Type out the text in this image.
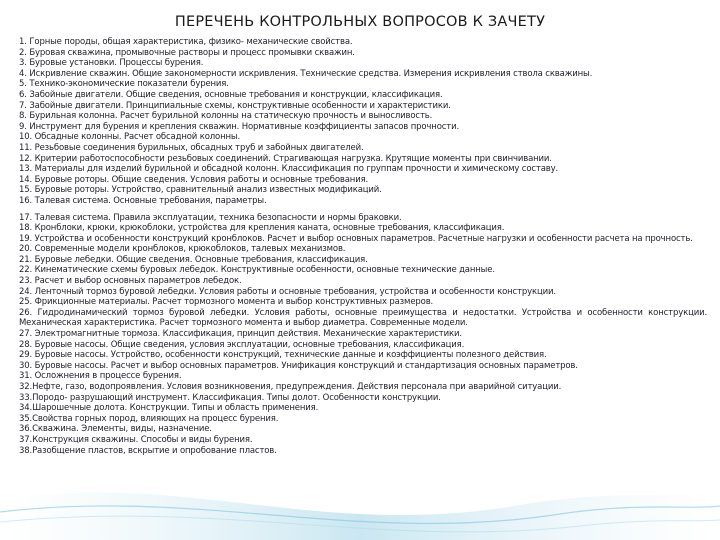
ПЕРЕЧЕНЬ КОНТРОЛЬНЫХ ВОПРОСОВ К ЗАЧЕТУ

1. Горные породы, общая характеристика, физико- механические свойства.

2. Буровая скважина, промывочные растворы и процесс промывки скважин.

3. Буровые установки. Процессы бурения.

4. Искривление скважин. Общие закономерности искривления. Технические средства. Измерения искривления ствола скважины.

5. Технико-экономические показатели бурения.

6. Забойные двигатели. Общие сведения, основные требования и конструкции, классификация.

7. Забойные двигатели. Принципиальные схемы, конструктивные особенности и характеристики.

8. Бурильная колонна. Расчет бурильной колонны на статическую прочность и выносливость.

9. Инструмент для бурения и крепления скважин. Нормативные коэффициенты запасов прочности.

10. Обсадные колонны. Расчет обсадной колонны.

11. Резьбовые соединения бурильных, обсадных труб и забойных двигателей.

12. Критерии работоспособности резьбовых соединений. Страгивающая нагрузка. Крутящие моменты при свинчивании.

13. Материалы для изделий бурильной и обсадной колонн. Классификация по группам прочности и химическому составу.

14. Буровые роторы. Общие сведения. Условия работы и основные требования.

15. Буровые роторы. Устройство, сравнительный анализ известных модификаций.

16. Талевая система. Основные требования, параметры.

17. Талевая система. Правила эксплуатации, техника безопасности и нормы браковки.

18. Кронблоки, крюки, крюкоблоки, устройства для крепления каната, основные требования, классификация.

19. Устройства и особенности конструкций кронблоков. Расчет и выбор основных параметров. Расчетные нагрузки и особенности расчета на прочность.

20. Современные модели кронблоков, крюкоблоков, талевых механизмов.

21. Буровые лебедки. Общие сведения. Основные требования, классификация.

22. Кинематические схемы буровых лебедок. Конструктивные особенности, основные технические данные.

23. Расчет и выбор основных параметров лебедок.

24. Ленточный тормоз буровой лебедки. Условия работы и основные требования, устройства и особенности конструкции.

25. Фрикционные материалы. Расчет тормозного момента и выбор конструктивных размеров.

26. Гидродинамический тормоз буровой лебедки. Условия работы, основные преимущества и недостатки. Устройства и особенности конструкции. Механическая характеристика. Расчет тормозного момента и выбор диаметра. Современные модели.

27. Электромагнитные тормоза. Классификация, принцип действия. Механические характеристики.

28. Буровые насосы. Общие сведения, условия эксплуатации, основные требования, классификация.

29. Буровые насосы. Устройство, особенности конструкций, технические данные и коэффициенты полезного действия.

30. Буровые насосы. Расчет и выбор основных параметров. Унификация конструкций и стандартизация основных параметров.

31. Осложнения в процессе бурения.

32.Нефте, газо, водопроявления. Условия возникновения, предупреждения. Действия персонала при аварийной ситуации.

33.Породо- разрушающий инструмент. Классификация. Типы долот. Особенности конструкции.

34.Шарошечные долота. Конструкции. Типы и область применения.

35.Свойства горных пород, влияющих на процесс бурения.

36.Скважина. Элементы, виды, назначение.

37.Конструкция скважины. Способы и виды бурения.

38.Разобщение пластов, вскрытие и опробование пластов.
